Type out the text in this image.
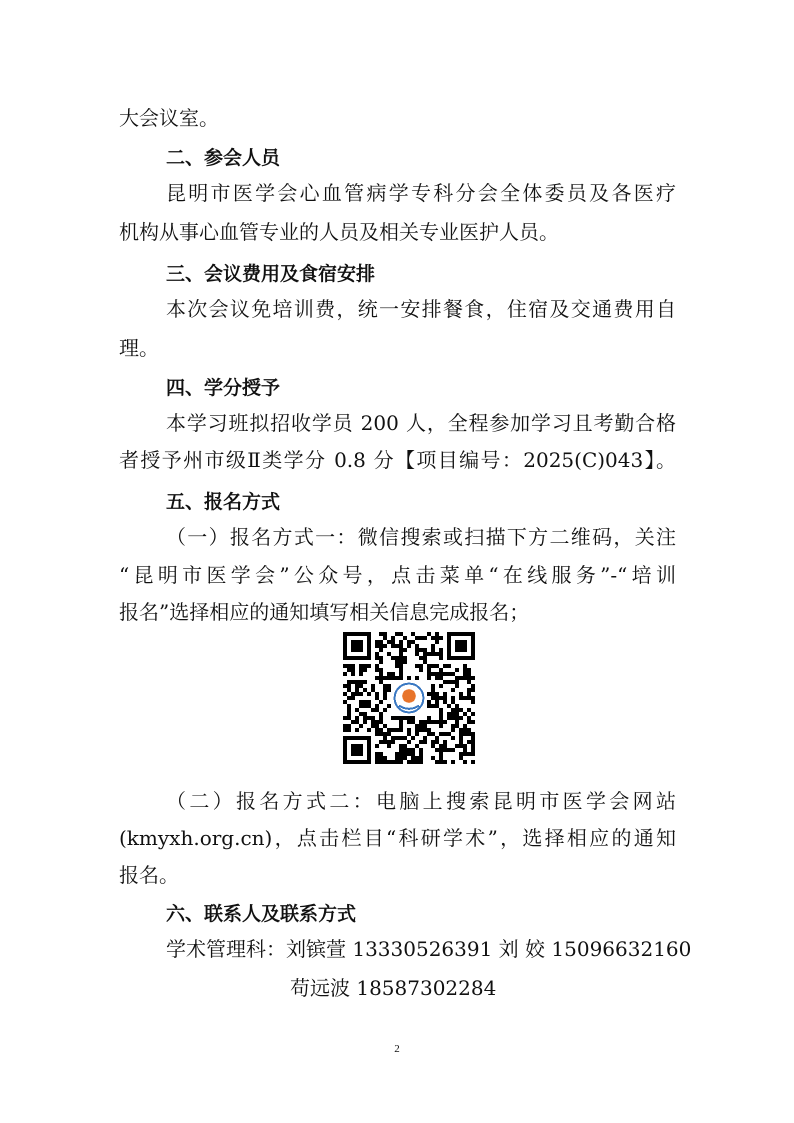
大会议室。
二、参会人员
昆明市医学会心血管病学专科分会全体委员及各医疗
机构从事心血管专业的人员及相关专业医护人员。
三、会议费用及食宿安排
本次会议免培训费，统一安排餐食，住宿及交通费用自
理。
四、学分授予
本学习班拟招收学员 200 人，全程参加学习且考勤合格
者授予州市级Ⅱ类学分 0.8 分【项目编号：2025(C)043】。
五、报名方式
（一）报名方式一：微信搜索或扫描下方二维码，关注
“昆明市医学会”公众号，点击菜单“在线服务”-“培训
报名”选择相应的通知填写相关信息完成报名；
（二）报名方式二：电脑上搜索昆明市医学会网站
(kmyxh.org.cn)，点击栏目“科研学术”，选择相应的通知
报名。
六、联系人及联系方式
学术管理科：刘镔萱 13330526391 刘 姣 15096632160
苟远波 18587302284
2
